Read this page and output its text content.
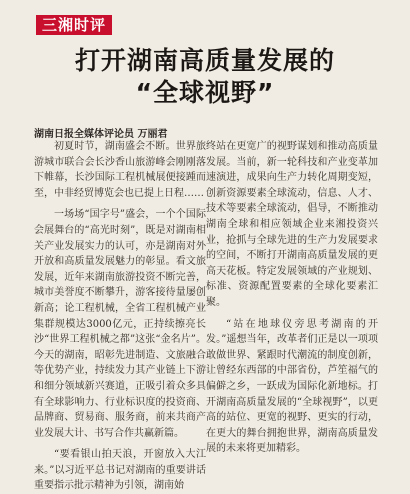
三湘时评
打开湖南高质量发展的
“全球视野”
湖南日报全媒体评论员 万丽君

初夏时节，湖南盛会不断。世界旅游城市联合会长沙香山旅游峰会刚刚落下帷幕，长沙国际工程机械展便接踵而至，中非经贸博览会也已提上日程……

一场场“国字号”盛会，一个个国际会展舞台的“高光时刻”，既是对湖南相关产业发展实力的认可，亦是湖南对外开放和高质量发展魅力的彰显。看文旅发展，近年来湖南旅游投资不断完善，城市美誉度不断攀升，游客接待量屡创新高；论工程机械，全省工程机械产业集群规模达3000亿元，正持续擦亮长沙“世界工程机械之都”这张“金名片”。今天的湖南，昭彰先进制造、文旅融合等优势产业，持续发力其产业链上下游和细分领域新兴赛道，正吸引着众多具有全球影响力、行业标识度的投资商、品牌商、贸易商、服务商，前来共商产业发展大计、书写合作共赢新篇。

“要看银山拍天浪，开窗放入大江来。”以习近平总书记对湖南的重要讲话重要指示批示精神为引领，湖南始

终站在更宽广的视野谋划和推动高质量发展。当前，新一轮科技和产业变革加速演进，成果向生产力转化周期变短，创新资源要素全球流动，信息、人才、技术等要素全球流动，倡导，不断推动湖南全球和相应领域企业来湘投资兴业，抢抓与全球先进的生产力发展要求的空间，不断打开湖南高质量发展的更高天花板。特定发展领域的产业规划、标准、资源配置要素的全球化要素汇聚。

“站在地球仪旁思考湖南的开发。”遥想当年，改革者们正是以一项项敢做世界、紧跟时代潮流的制度创新，让曾经东西部的中部省份，芦笙福气的偏僻之乡，一跃成为国际化新地标。打开湖南高质量发展的“全球视野”，以更高的站位、更宽的视野、更实的行动，在更大的舞台拥抱世界，湖南高质量发展的未来将更加精彩。
